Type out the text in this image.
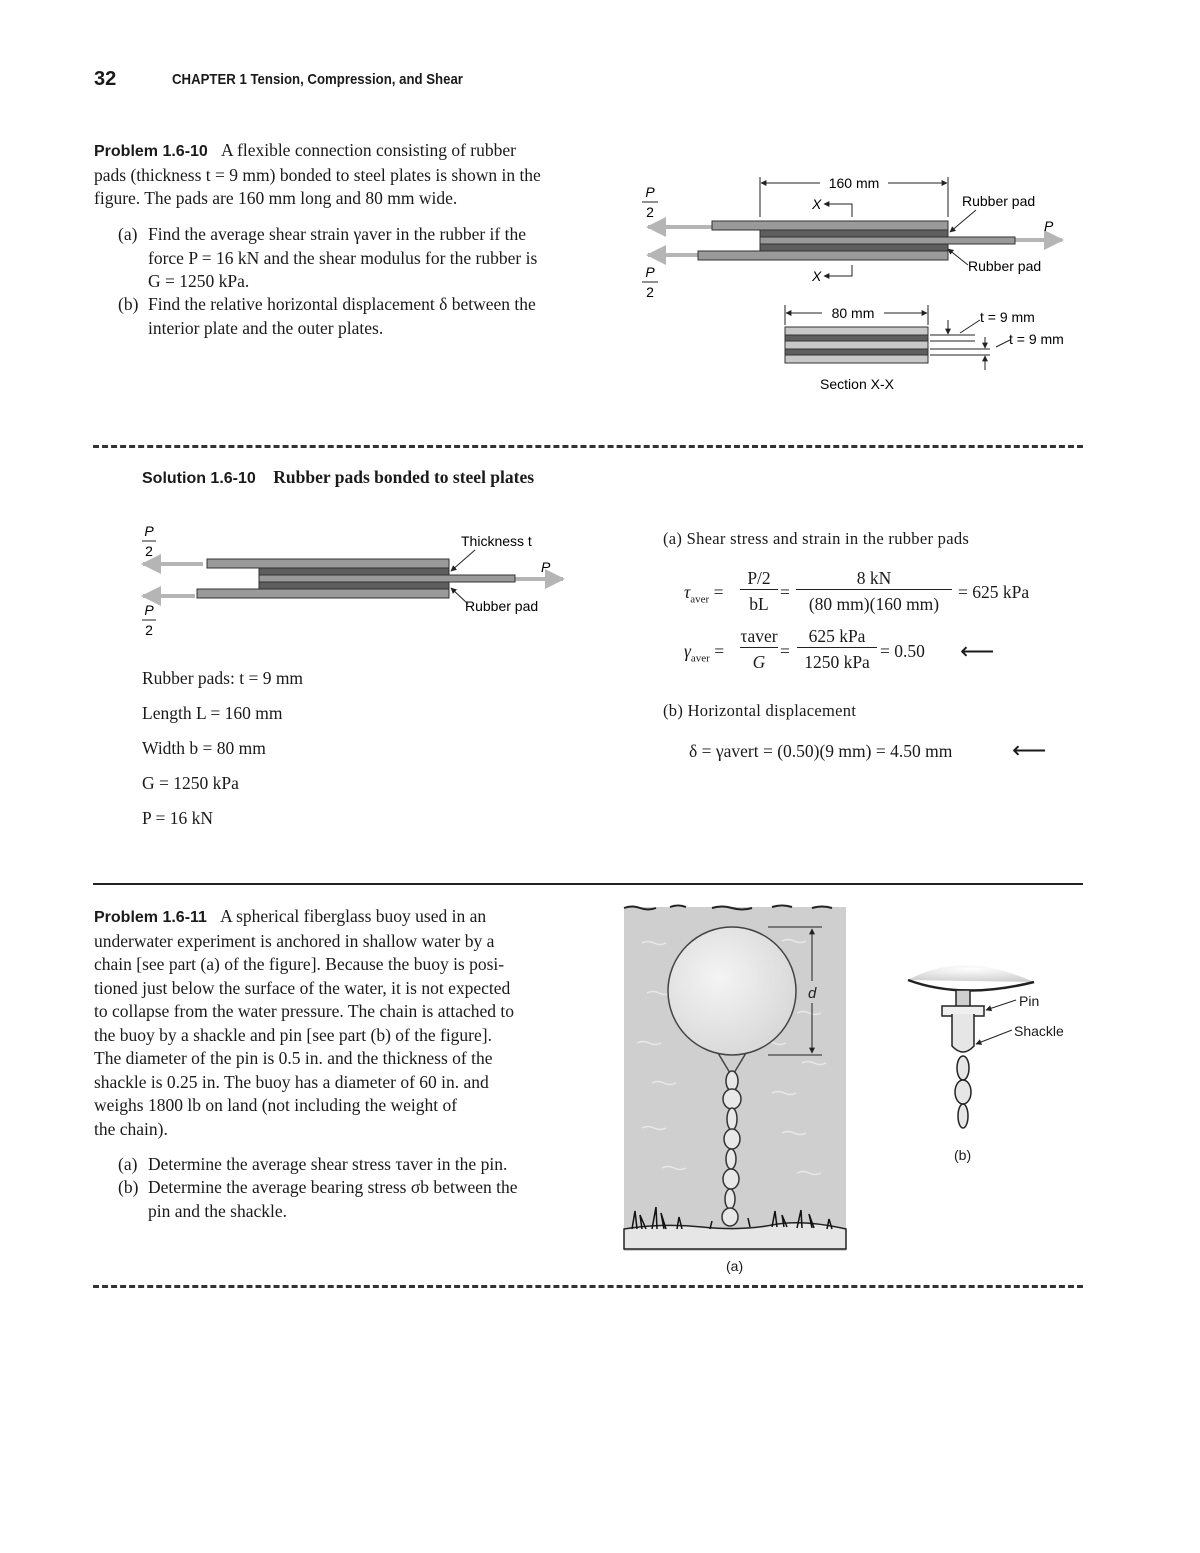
32	CHAPTER 1 Tension, Compression, and Shear
Problem 1.6-10 A flexible connection consisting of rubber
pads (thickness t = 9 mm) bonded to steel plates is shown in the
figure. The pads are 160 mm long and 80 mm wide.
(a) Find the average shear strain γaver in the rubber if the
force P = 16 kN and the shear modulus for the rubber is
G = 1250 kPa.
(b) Find the relative horizontal displacement δ between the
interior plate and the outer plates.
P
2
P
2
160 mm
X
X
Rubber pad
Rubber pad
P
80 mm	t = 9 mm
t = 9 mm
Section X-X
Solution 1.6-10 Rubber pads bonded to steel plates
P
2
P
2
Thickness t
Rubber pad
P
Rubber pads: t = 9 mm
Length L = 160 mm
Width b = 80 mm
G = 1250 kPa
P = 16 kN
(a) Shear stress and strain in the rubber pads
$\tau_{aver}$ =
P/2
bL
=
8 kN
(80 mm)(160 mm)
= 625 kPa
$\gamma_{aver}$ =
τaver
G
=
625 kPa
1250 kPa
= 0.50 ⟵
(b) Horizontal displacement
δ = γavert = (0.50)(9 mm) = 4.50 mm ⟵
Problem 1.6-11 A spherical fiberglass buoy used in an
underwater experiment is anchored in shallow water by a
chain [see part (a) of the figure]. Because the buoy is posi-
tioned just below the surface of the water, it is not expected
to collapse from the water pressure. The chain is attached to
the buoy by a shackle and pin [see part (b) of the figure].
The diameter of the pin is 0.5 in. and the thickness of the
shackle is 0.25 in. The buoy has a diameter of 60 in. and
weighs 1800 lb on land (not including the weight of
the chain).
(a) Determine the average shear stress τaver in the pin.
(b) Determine the average bearing stress σb between the
pin and the shackle.
d
(a)
Pin
Shackle
(b)
